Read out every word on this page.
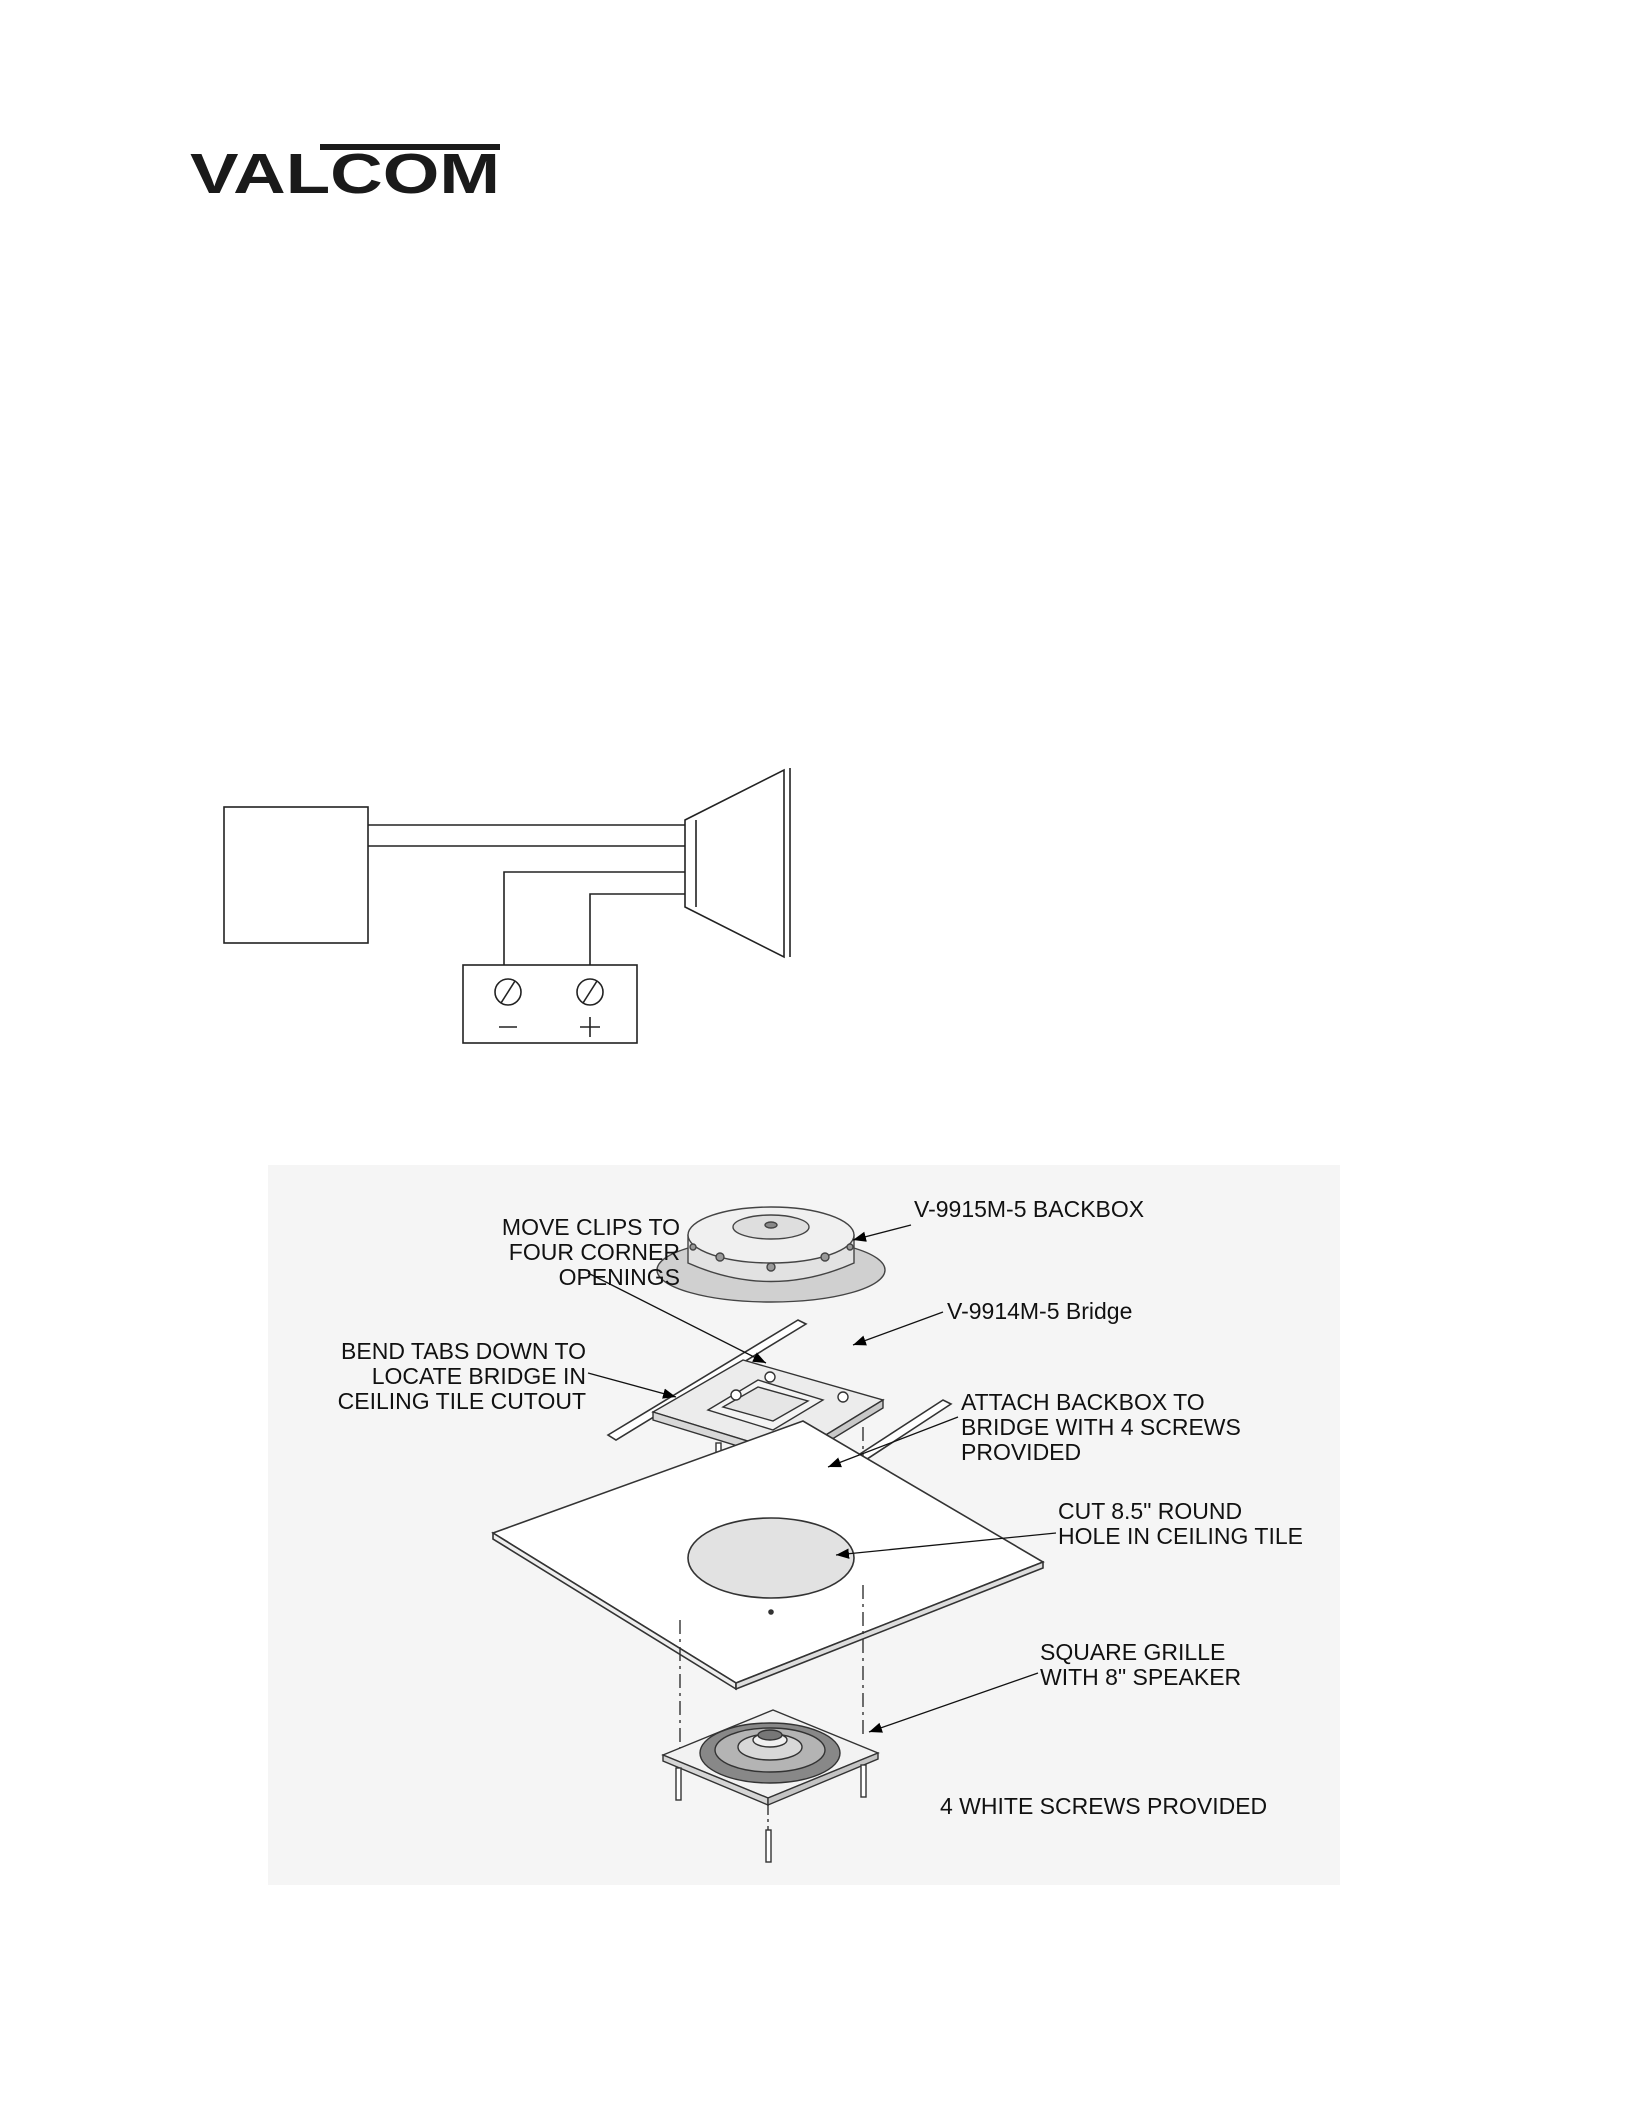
VALCOM

MOVE CLIPS TO
FOUR CORNER
OPENINGS

V-9915M-5 BACKBOX

V-9914M-5 Bridge

BEND TABS DOWN TO
LOCATE BRIDGE IN
CEILING TILE CUTOUT	ATTACH BACKBOX TO
BRIDGE WITH 4 SCREWS
PROVIDED

CUT 8.5" ROUND
HOLE IN CEILING TILE

SQUARE GRILLE
WITH 8" SPEAKER

4 WHITE SCREWS PROVIDED
